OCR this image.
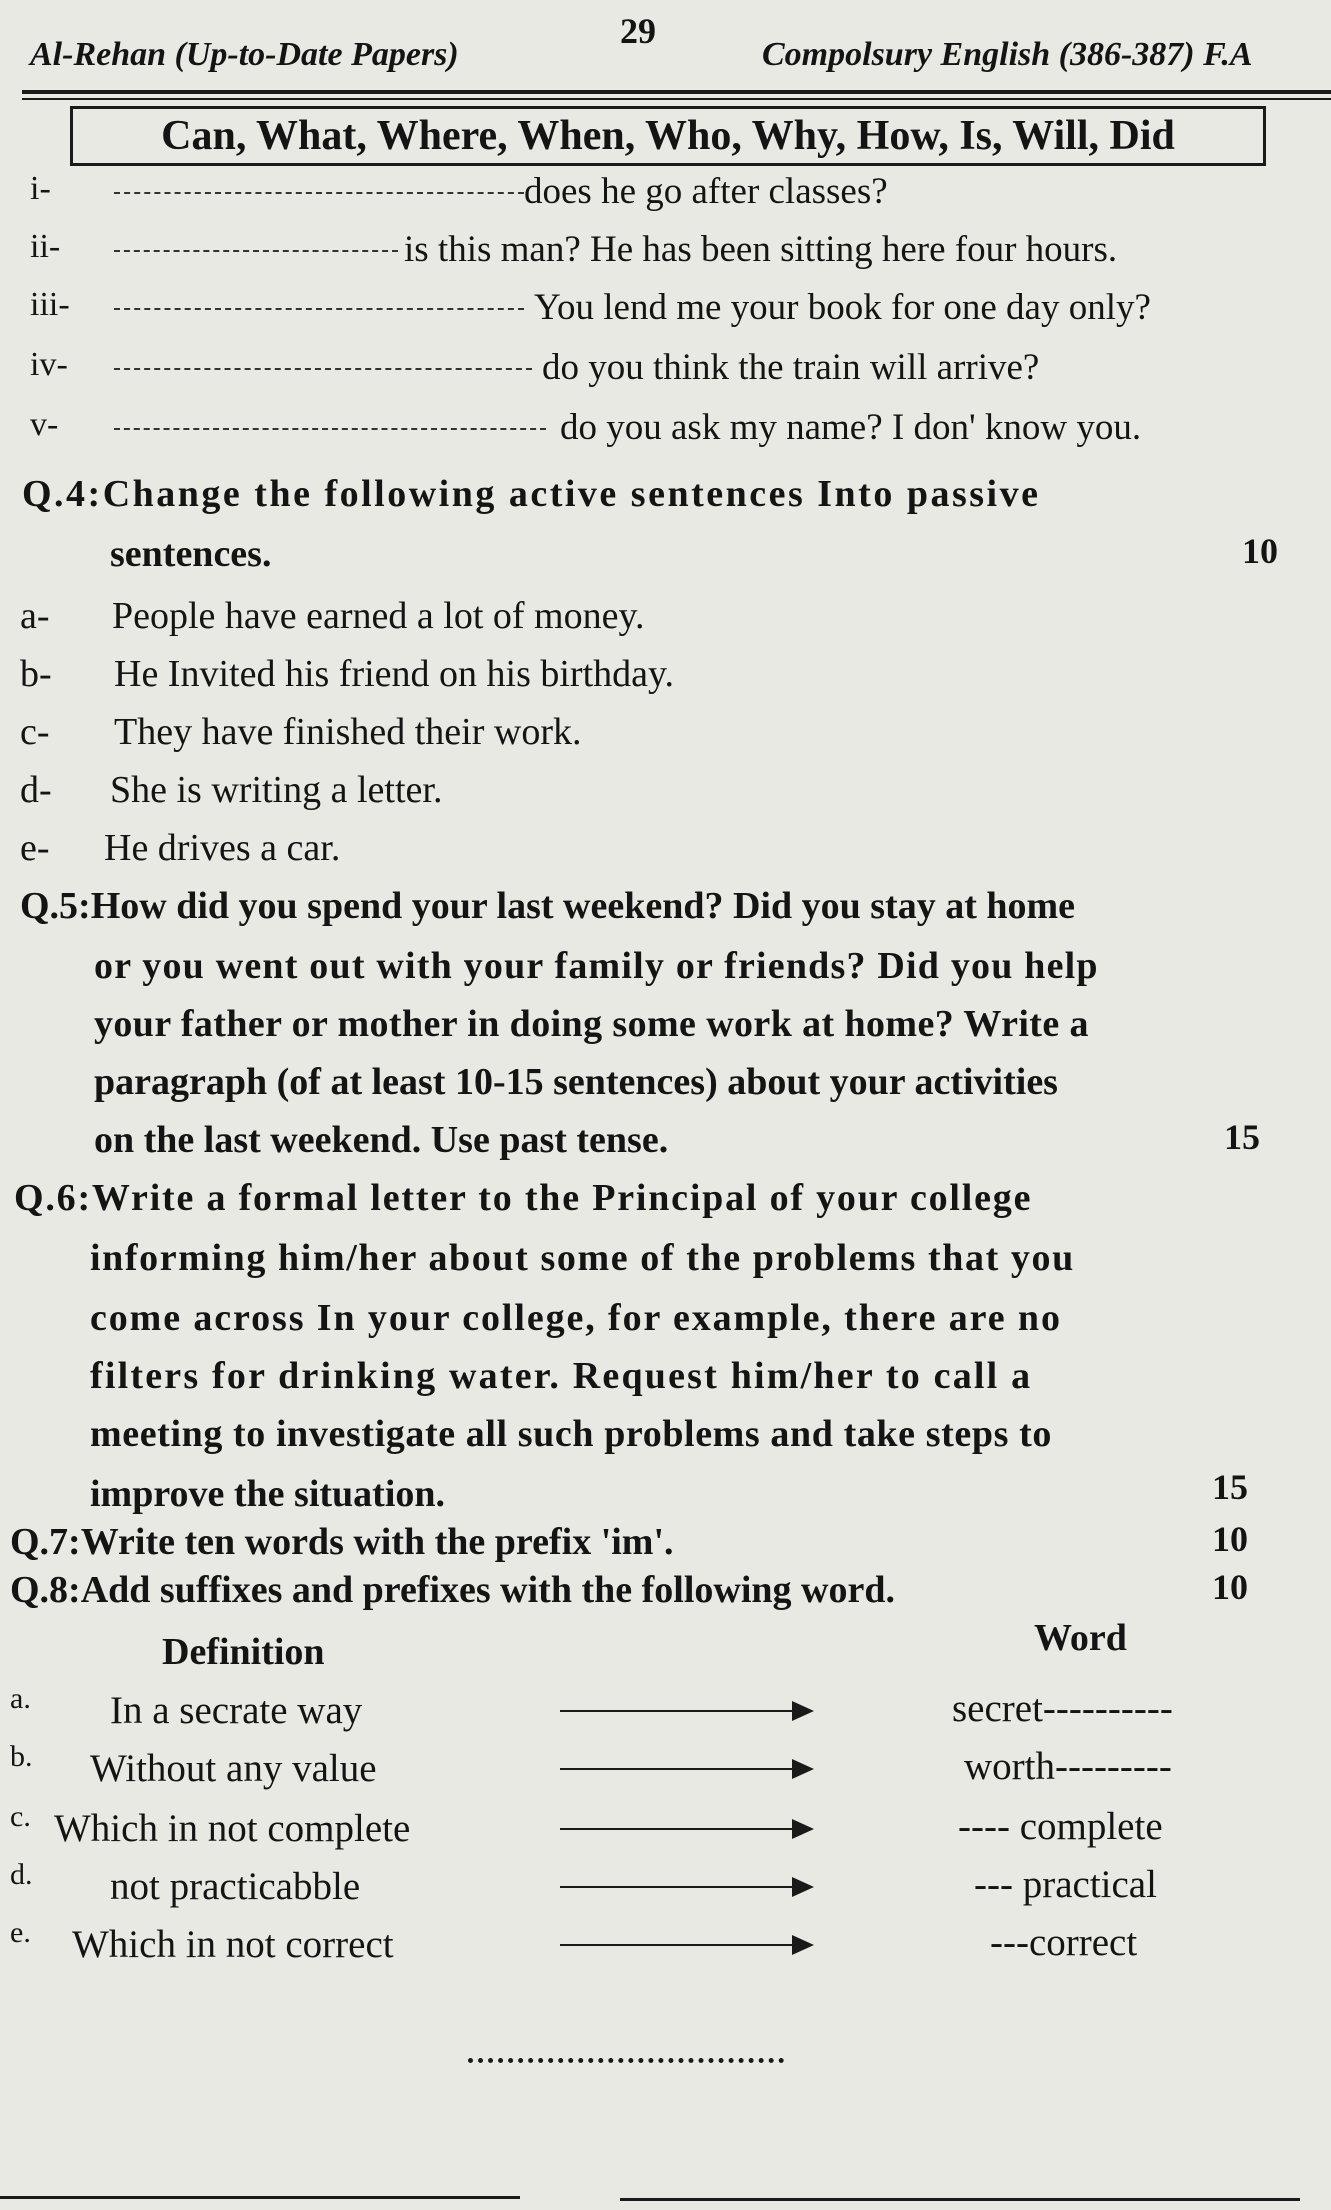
Al-Rehan (Up-to-Date Papers)
29
Compolsury English (386-387) F.A
Can, What, Where, When, Who, Why, How, Is, Will, Did
i-	does he go after classes?
ii-	is this man? He has been sitting here four hours.
iii-	You lend me your book for one day only?
iv-	do you think the train will arrive?
v-	do you ask my name? I don' know you.
Q.4:Change the following active sentences Into passive
sentences.	10
a- People have earned a lot of money.
b- He Invited his friend on his birthday.
c- They have finished their work.
d- She is writing a letter.
e- He drives a car.
Q.5:How did you spend your last weekend? Did you stay at home
or you went out with your family or friends? Did you help
your father or mother in doing some work at home? Write a
paragraph (of at least 10-15 sentences) about your activities
on the last weekend. Use past tense.	15
Q.6:Write a formal letter to the Principal of your college
informing him/her about some of the problems that you
come across In your college, for example, there are no
filters for drinking water. Request him/her to call a
meeting to investigate all such problems and take steps to
improve the situation.	15
Q.7:Write ten words with the prefix 'im'.	10
Q.8:Add suffixes and prefixes with the following word.	10
Definition	Word
a. In a secrate way	secret----------
b. Without any value	worth---------
c. Which in not complete	---- complete
d. not practicabble	--- practical
e. Which in not correct	---correct
